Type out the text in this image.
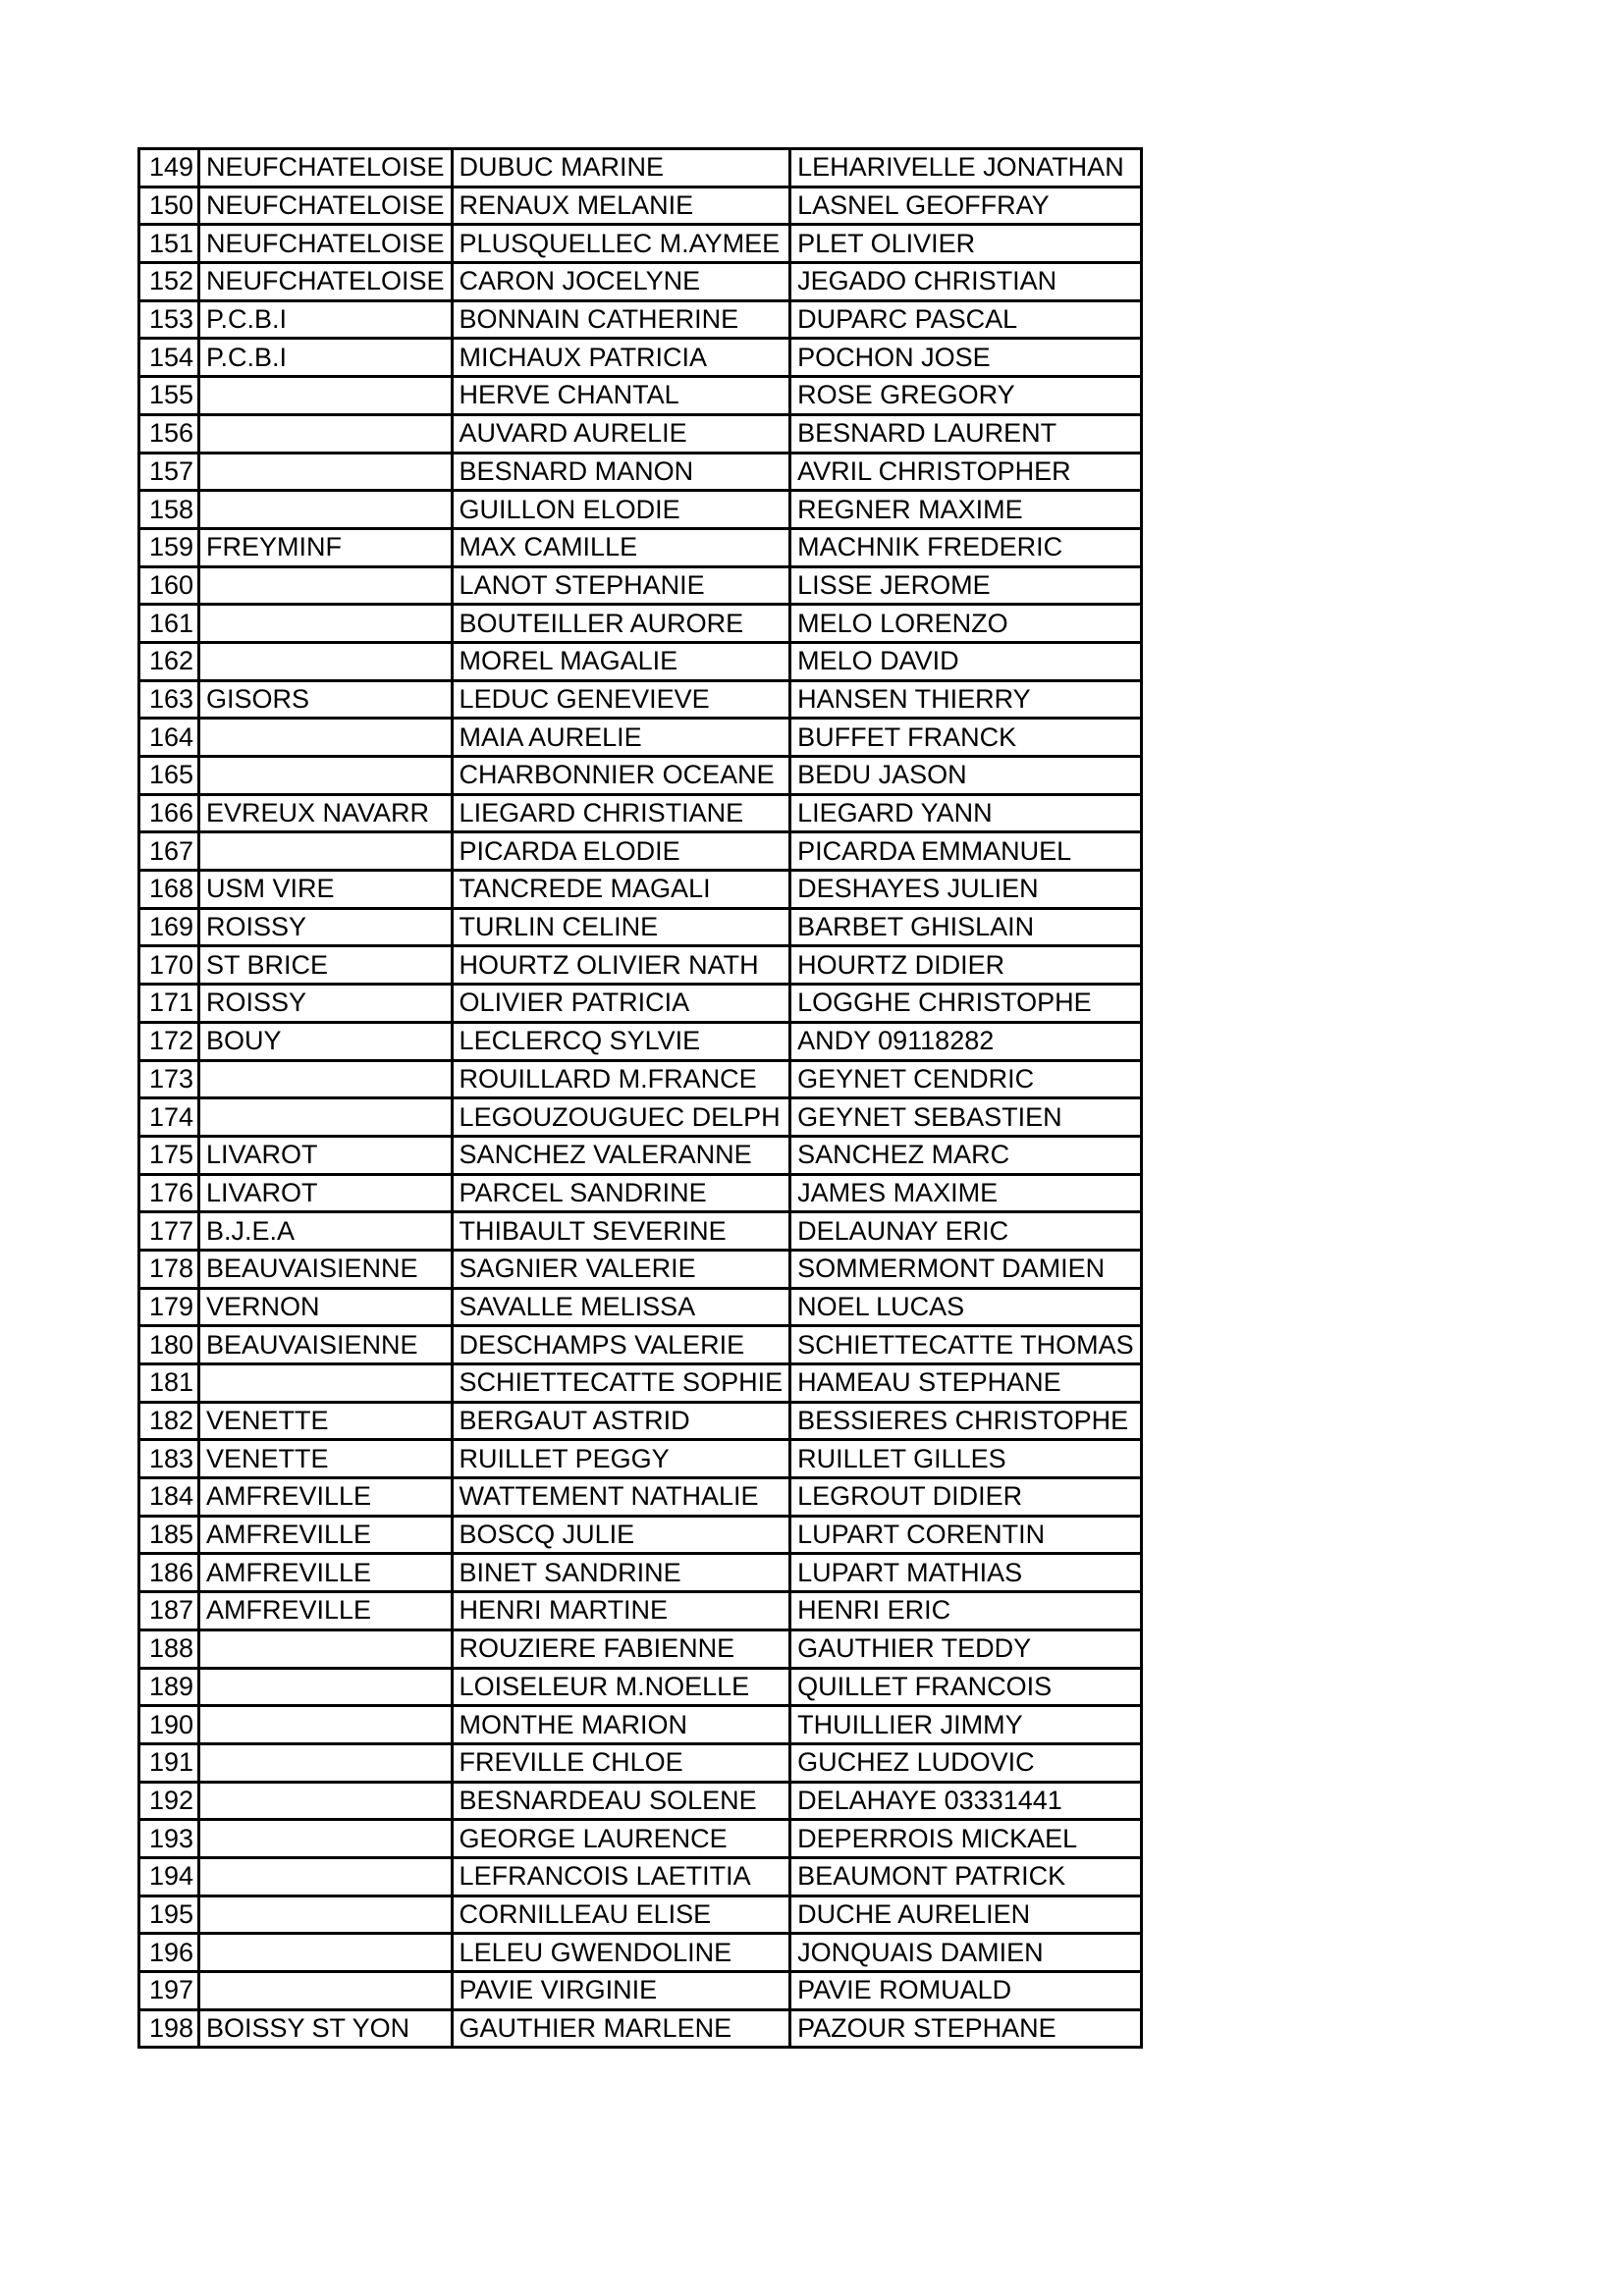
149	NEUFCHATELOISE	DUBUC MARINE	LEHARIVELLE JONATHAN
150	NEUFCHATELOISE	RENAUX MELANIE	LASNEL GEOFFRAY
151	NEUFCHATELOISE	PLUSQUELLEC M.AYMEE	PLET OLIVIER
152	NEUFCHATELOISE	CARON JOCELYNE	JEGADO CHRISTIAN
153	P.C.B.I	BONNAIN CATHERINE	DUPARC PASCAL
154	P.C.B.I	MICHAUX PATRICIA	POCHON JOSE
155		HERVE CHANTAL	ROSE GREGORY
156		AUVARD AURELIE	BESNARD LAURENT
157		BESNARD MANON	AVRIL CHRISTOPHER
158		GUILLON ELODIE	REGNER MAXIME
159	FREYMINF	MAX CAMILLE	MACHNIK FREDERIC
160		LANOT STEPHANIE	LISSE JEROME
161		BOUTEILLER AURORE	MELO LORENZO
162		MOREL MAGALIE	MELO DAVID
163	GISORS	LEDUC GENEVIEVE	HANSEN THIERRY
164		MAIA AURELIE	BUFFET FRANCK
165		CHARBONNIER OCEANE	BEDU JASON
166	EVREUX NAVARR	LIEGARD CHRISTIANE	LIEGARD YANN
167		PICARDA ELODIE	PICARDA EMMANUEL
168	USM VIRE	TANCREDE MAGALI	DESHAYES JULIEN
169	ROISSY	TURLIN CELINE	BARBET GHISLAIN
170	ST BRICE	HOURTZ OLIVIER NATH	HOURTZ DIDIER
171	ROISSY	OLIVIER PATRICIA	LOGGHE CHRISTOPHE
172	BOUY	LECLERCQ SYLVIE	ANDY 09118282
173		ROUILLARD M.FRANCE	GEYNET CENDRIC
174		LEGOUZOUGUEC DELPH	GEYNET SEBASTIEN
175	LIVAROT	SANCHEZ VALERANNE	SANCHEZ MARC
176	LIVAROT	PARCEL SANDRINE	JAMES MAXIME
177	B.J.E.A	THIBAULT SEVERINE	DELAUNAY ERIC
178	BEAUVAISIENNE	SAGNIER VALERIE	SOMMERMONT DAMIEN
179	VERNON	SAVALLE MELISSA	NOEL LUCAS
180	BEAUVAISIENNE	DESCHAMPS VALERIE	SCHIETTECATTE THOMAS
181		SCHIETTECATTE SOPHIE	HAMEAU STEPHANE
182	VENETTE	BERGAUT ASTRID	BESSIERES CHRISTOPHE
183	VENETTE	RUILLET PEGGY	RUILLET GILLES
184	AMFREVILLE	WATTEMENT NATHALIE	LEGROUT DIDIER
185	AMFREVILLE	BOSCQ JULIE	LUPART CORENTIN
186	AMFREVILLE	BINET SANDRINE	LUPART MATHIAS
187	AMFREVILLE	HENRI MARTINE	HENRI ERIC
188		ROUZIERE FABIENNE	GAUTHIER TEDDY
189		LOISELEUR M.NOELLE	QUILLET FRANCOIS
190		MONTHE MARION	THUILLIER JIMMY
191		FREVILLE CHLOE	GUCHEZ LUDOVIC
192		BESNARDEAU SOLENE	DELAHAYE 03331441
193		GEORGE LAURENCE	DEPERROIS MICKAEL
194		LEFRANCOIS LAETITIA	BEAUMONT PATRICK
195		CORNILLEAU ELISE	DUCHE AURELIEN
196		LELEU GWENDOLINE	JONQUAIS DAMIEN
197		PAVIE VIRGINIE	PAVIE ROMUALD
198	BOISSY ST YON	GAUTHIER MARLENE	PAZOUR STEPHANE
